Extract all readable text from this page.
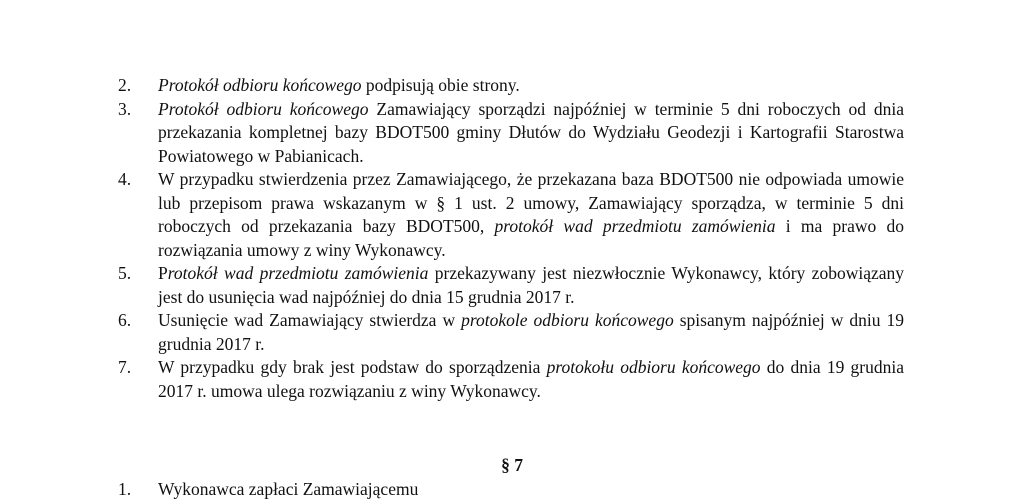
2.	Protokół odbioru końcowego podpisują obie strony.
3.	Protokół odbioru końcowego Zamawiający sporządzi najpóźniej w terminie 5 dni roboczych od dnia przekazania kompletnej bazy BDOT500 gminy Dłutów do Wydziału Geodezji i Kartografii Starostwa Powiatowego w Pabianicach.
4.	W przypadku stwierdzenia przez Zamawiającego, że przekazana baza BDOT500 nie odpowiada umowie lub przepisom prawa wskazanym w § 1 ust. 2 umowy, Zamawiający sporządza, w terminie 5 dni roboczych od przekazania bazy BDOT500, protokół wad przedmiotu zamówienia i ma prawo do rozwiązania umowy z winy Wykonawcy.
5.	Protokół wad przedmiotu zamówienia przekazywany jest niezwłocznie Wykonawcy, który zobowiązany jest do usunięcia wad najpóźniej do dnia 15 grudnia 2017 r.
6.	Usunięcie wad Zamawiający stwierdza w protokole odbioru końcowego spisanym najpóźniej w dniu 19 grudnia 2017 r.
7.	W przypadku gdy brak jest podstaw do sporządzenia protokołu odbioru końcowego do dnia 19 grudnia 2017 r. umowa ulega rozwiązaniu z winy Wykonawcy.
§ 7
1.	Wykonawca zapłaci Zamawiającemu
